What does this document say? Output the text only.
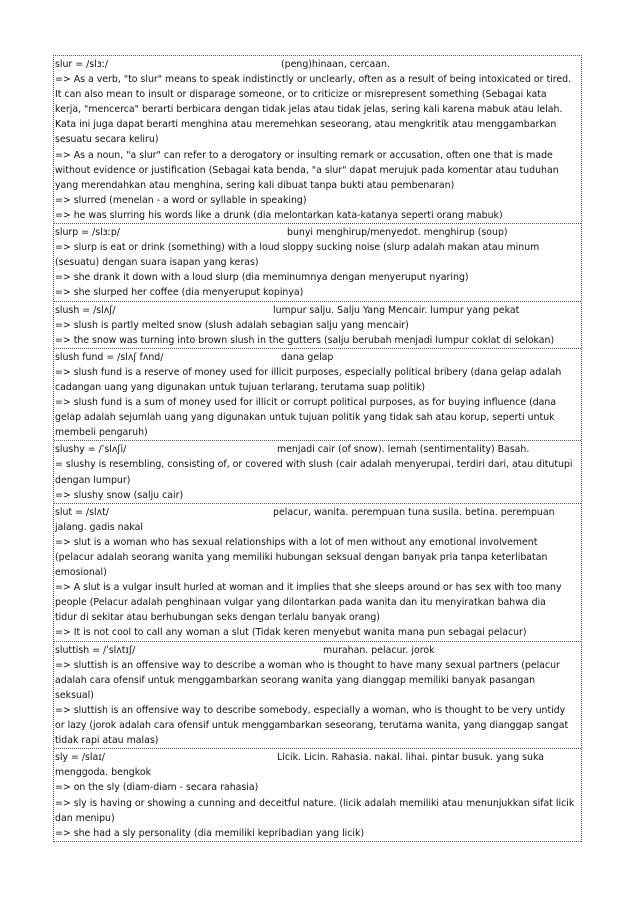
slur = /slɜː/	(peng)hinaan, cercaan.
=> As a verb, "to slur" means to speak indistinctly or unclearly, often as a result of being intoxicated or tired.
It can also mean to insult or disparage someone, or to criticize or misrepresent something (Sebagai kata
kerja, "mencerca" berarti berbicara dengan tidak jelas atau tidak jelas, sering kali karena mabuk atau lelah.
Kata ini juga dapat berarti menghina atau meremehkan seseorang, atau mengkritik atau menggambarkan
sesuatu secara keliru)
=> As a noun, "a slur" can refer to a derogatory or insulting remark or accusation, often one that is made
without evidence or justification (Sebagai kata benda, "a slur" dapat merujuk pada komentar atau tuduhan
yang merendahkan atau menghina, sering kali dibuat tanpa bukti atau pembenaran)
=> slurred (menelan - a word or syllable in speaking)
=> he was slurring his words like a drunk (dia melontarkan kata-katanya seperti orang mabuk)
slurp = /slɜːp/	bunyi menghirup/menyedot. menghirup (soup)
=> slurp is eat or drink (something) with a loud sloppy sucking noise (slurp adalah makan atau minum
(sesuatu) dengan suara isapan yang keras)
=> she drank it down with a loud slurp (dia meminumnya dengan menyeruput nyaring)
=> she slurped her coffee (dia menyeruput kopinya)
slush = /slʌʃ/	lumpur salju. Salju Yang Mencair. lumpur yang pekat
=> slush is partly melted snow (slush adalah sebagian salju yang mencair)
=> the snow was turning into brown slush in the gutters (salju berubah menjadi lumpur coklat di selokan)
slush fund = /slʌʃ fʌnd/	dana gelap
=> slush fund is a reserve of money used for illicit purposes, especially political bribery (dana gelap adalah
cadangan uang yang digunakan untuk tujuan terlarang, terutama suap politik)
=> slush fund is a sum of money used for illicit or corrupt political purposes, as for buying influence (dana
gelap adalah sejumlah uang yang digunakan untuk tujuan politik yang tidak sah atau korup, seperti untuk
membeli pengaruh)
slushy = /ˈslʌʃi/	menjadi cair (of snow). lemah (sentimentality) Basah.
= slushy is resembling, consisting of, or covered with slush (cair adalah menyerupai, terdiri dari, atau ditutupi
dengan lumpur)
=> slushy snow (salju cair)
slut = /slʌt/	pelacur, wanita. perempuan tuna susila. betina. perempuan
jalang. gadis nakal
=> slut is a woman who has sexual relationships with a lot of men without any emotional involvement
(pelacur adalah seorang wanita yang memiliki hubungan seksual dengan banyak pria tanpa keterlibatan
emosional)
=> A slut is a vulgar insult hurled at woman and it implies that she sleeps around or has sex with too many
people (Pelacur adalah penghinaan vulgar yang dilontarkan pada wanita dan itu menyiratkan bahwa dia
tidur di sekitar atau berhubungan seks dengan terlalu banyak orang)
=> It is not cool to call any woman a slut (Tidak keren menyebut wanita mana pun sebagai pelacur)
sluttish = /ˈslʌtɪʃ/	murahan. pelacur. jorok
=> sluttish is an offensive way to describe a woman who is thought to have many sexual partners (pelacur
adalah cara ofensif untuk menggambarkan seorang wanita yang dianggap memiliki banyak pasangan
seksual)
=> sluttish is an offensive way to describe somebody, especially a woman, who is thought to be very untidy
or lazy (jorok adalah cara ofensif untuk menggambarkan seseorang, terutama wanita, yang dianggap sangat
tidak rapi atau malas)
sly = /slaɪ/	Licik. Licin. Rahasia. nakal. lihai. pintar busuk. yang suka
menggoda. bengkok
=> on the sly (diam-diam - secara rahasia)
=> sly is having or showing a cunning and deceitful nature. (licik adalah memiliki atau menunjukkan sifat licik
dan menipu)
=> she had a sly personality (dia memiliki kepribadian yang licik)
